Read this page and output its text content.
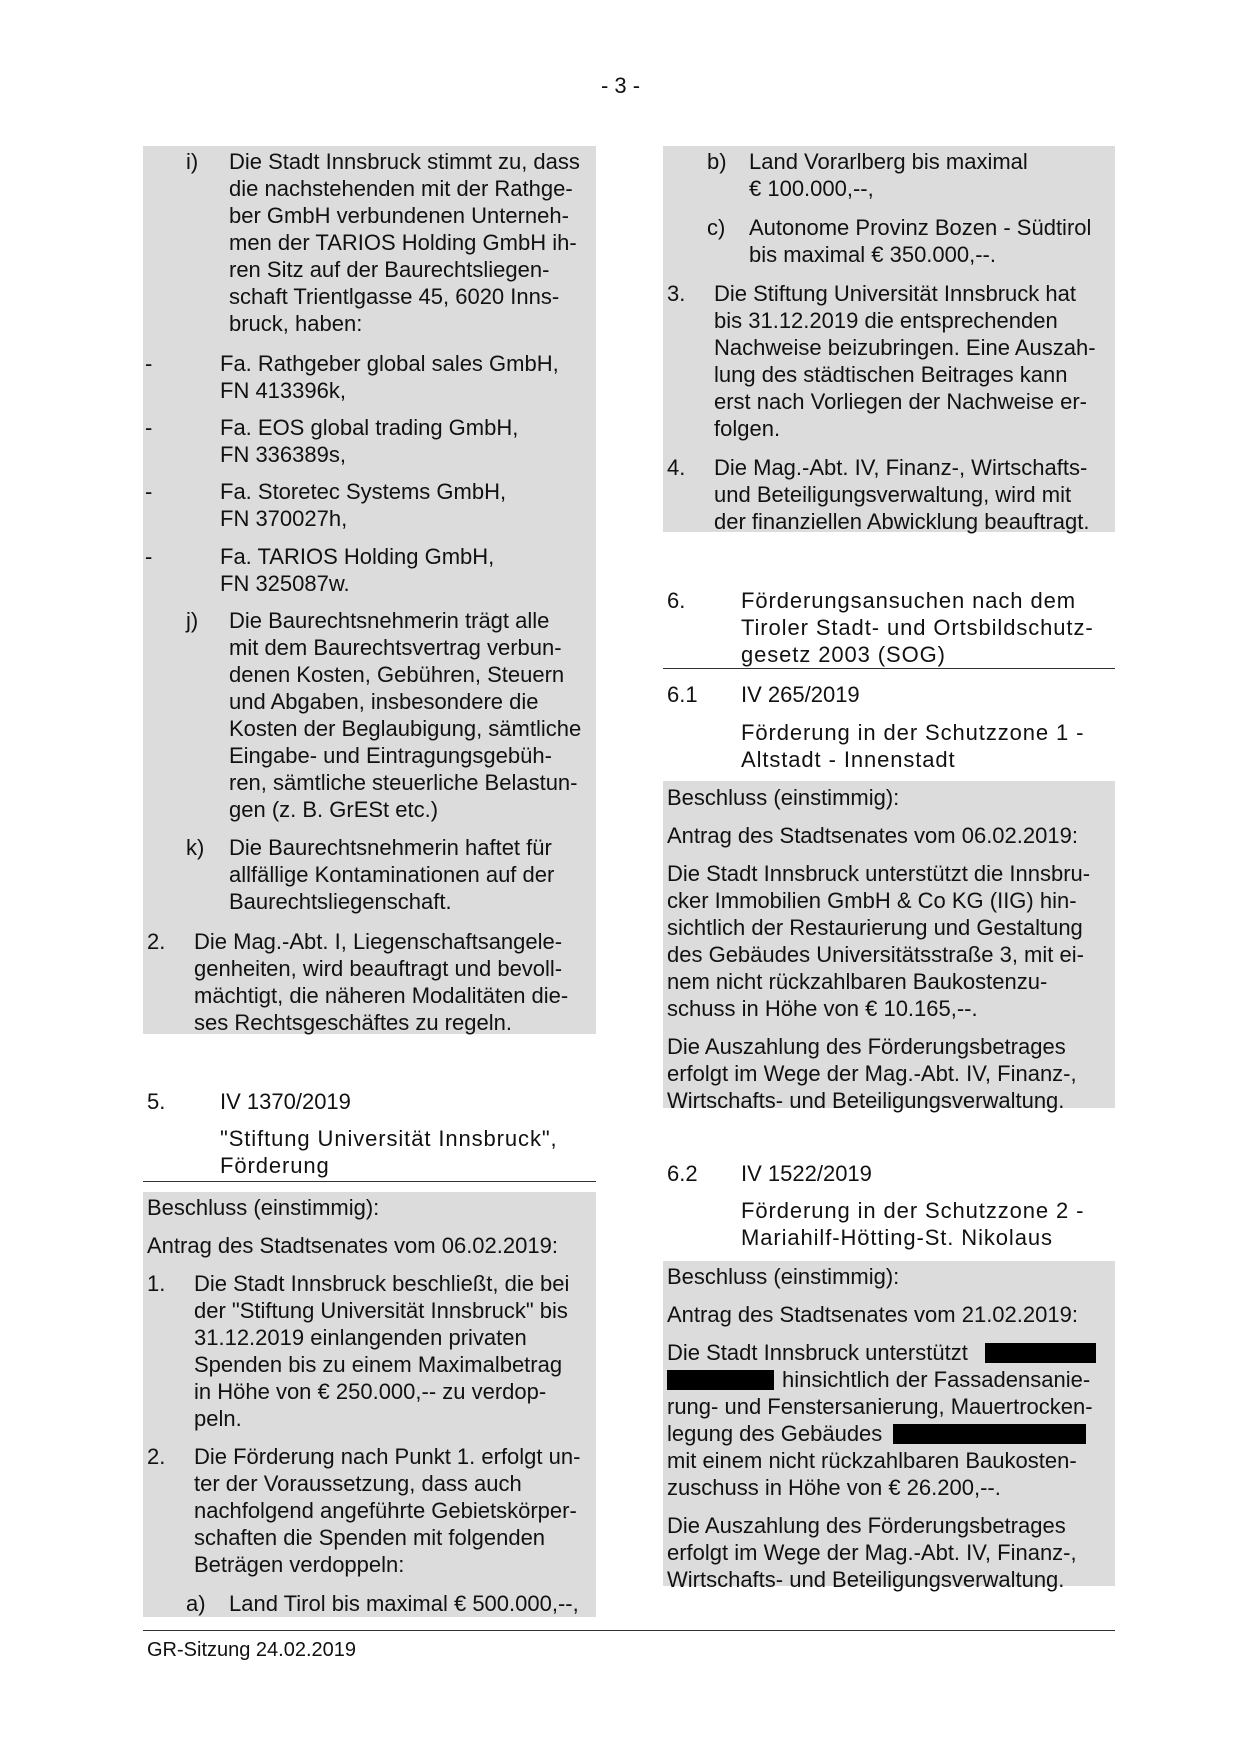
- 3 -
i) Die Stadt Innsbruck stimmt zu, dass
die nachstehenden mit der Rathge-
ber GmbH verbundenen Unterneh-
men der TARIOS Holding GmbH ih-
ren Sitz auf der Baurechtsliegen-
schaft Trientlgasse 45, 6020 Inns-
bruck, haben:
-	Fa. Rathgeber global sales GmbH,
FN 413396k,
-	Fa. EOS global trading GmbH,
FN 336389s,
-	Fa. Storetec Systems GmbH,
FN 370027h,
-	Fa. TARIOS Holding GmbH,
FN 325087w.
j) Die Baurechtsnehmerin trägt alle
mit dem Baurechtsvertrag verbun-
denen Kosten, Gebühren, Steuern
und Abgaben, insbesondere die
Kosten der Beglaubigung, sämtliche
Eingabe- und Eintragungsgebüh-
ren, sämtliche steuerliche Belastun-
gen (z. B. GrESt etc.)
k) Die Baurechtsnehmerin haftet für
allfällige Kontaminationen auf der
Baurechtsliegenschaft.
2. Die Mag.-Abt. I, Liegenschaftsangele-
genheiten, wird beauftragt und bevoll-
mächtigt, die näheren Modalitäten die-
ses Rechtsgeschäftes zu regeln.
5. IV 1370/2019
"Stiftung Universität Innsbruck",
Förderung
Beschluss (einstimmig):
Antrag des Stadtsenates vom 06.02.2019:
1. Die Stadt Innsbruck beschließt, die bei
der "Stiftung Universität Innsbruck" bis
31.12.2019 einlangenden privaten
Spenden bis zu einem Maximalbetrag
in Höhe von € 250.000,-- zu verdop-
peln.
2. Die Förderung nach Punkt 1. erfolgt un-
ter der Voraussetzung, dass auch
nachfolgend angeführte Gebietskörper-
schaften die Spenden mit folgenden
Beträgen verdoppeln:
a) Land Tirol bis maximal € 500.000,--,
b) Land Vorarlberg bis maximal
€ 100.000,--,
c) Autonome Provinz Bozen - Südtirol
bis maximal € 350.000,--.
3. Die Stiftung Universität Innsbruck hat
bis 31.12.2019 die entsprechenden
Nachweise beizubringen. Eine Auszah-
lung des städtischen Beitrages kann
erst nach Vorliegen der Nachweise er-
folgen.
4. Die Mag.-Abt. IV, Finanz-, Wirtschafts-
und Beteiligungsverwaltung, wird mit
der finanziellen Abwicklung beauftragt.
6.	Förderungsansuchen nach dem
Tiroler Stadt- und Ortsbildschutz-
gesetz 2003 (SOG)
6.1 IV 265/2019
Förderung in der Schutzzone 1 -
Altstadt - Innenstadt
Beschluss (einstimmig):
Antrag des Stadtsenates vom 06.02.2019:
Die Stadt Innsbruck unterstützt die Innsbru-
cker Immobilien GmbH & Co KG (IIG) hin-
sichtlich der Restaurierung und Gestaltung
des Gebäudes Universitätsstraße 3, mit ei-
nem nicht rückzahlbaren Baukostenzu-
schuss in Höhe von € 10.165,--.
Die Auszahlung des Förderungsbetrages
erfolgt im Wege der Mag.-Abt. IV, Finanz-,
Wirtschafts- und Beteiligungsverwaltung.
6.2 IV 1522/2019
Förderung in der Schutzzone 2 -
Mariahilf-Hötting-St. Nikolaus
Beschluss (einstimmig):
Antrag des Stadtsenates vom 21.02.2019:
Die Stadt Innsbruck unterstützt
hinsichtlich der Fassadensanie-
rung- und Fenstersanierung, Mauertrocken-
legung des Gebäudes
mit einem nicht rückzahlbaren Baukosten-
zuschuss in Höhe von € 26.200,--.
Die Auszahlung des Förderungsbetrages
erfolgt im Wege der Mag.-Abt. IV, Finanz-,
Wirtschafts- und Beteiligungsverwaltung.
GR-Sitzung 24.02.2019
